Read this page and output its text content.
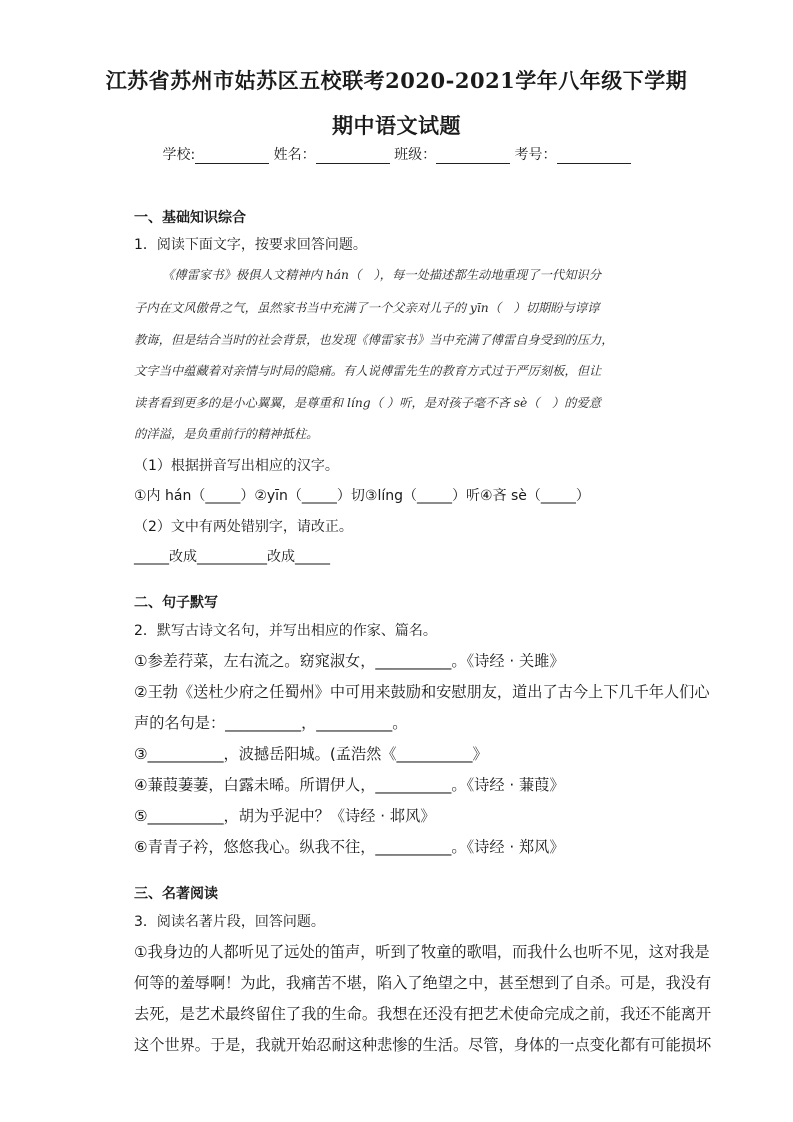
江苏省苏州市姑苏区五校联考2020-2021学年八年级下学期
期中语文试题
学校:	姓名：	班级：	考号：
一、基础知识综合
1．阅读下面文字，按要求回答问题。
《傅雷家书》极俱人文精神内 hán（　），每一处描述都生动地重现了一代知识分
子内在文风傲骨之气，虽然家书当中充满了一个父亲对儿子的 yīn（　）切期盼与谆谆
教诲，但是结合当时的社会背景，也发现《傅雷家书》当中充满了傅雷自身受到的压力，
文字当中蕴藏着对亲情与时局的隐痛。有人说傅雷先生的教育方式过于严厉刻板，但让
读者看到更多的是小心翼翼，是尊重和 líng（ ）听，是对孩子毫不吝 sè（　）的爱意
的洋溢，是负重前行的精神抵柱。
（1）根据拼音写出相应的汉字。
①内 hán（_____）②yīn（_____）切③líng（_____）听④吝 sè（_____）
（2）文中有两处错别字，请改正。
_____改成__________改成_____
二、句子默写
2．默写古诗文名句，并写出相应的作家、篇名。
①参差荇菜，左右流之。窈窕淑女，__________。《诗经 · 关雎》
②王勃《送杜少府之任蜀州》中可用来鼓励和安慰朋友，道出了古今上下几千年人们心
声的名句是：__________，__________。
③__________，波撼岳阳城。(孟浩然《__________》
④蒹葭萋萋，白露未晞。所谓伊人，__________。《诗经 · 蒹葭》
⑤__________，胡为乎泥中？《诗经 · 邶风》
⑥青青子衿，悠悠我心。纵我不往，__________。《诗经 · 郑风》
三、名著阅读
3．阅读名著片段，回答问题。
①我身边的人都听见了远处的笛声，听到了牧童的歌唱，而我什么也听不见，这对我是
何等的羞辱啊！为此，我痛苦不堪，陷入了绝望之中，甚至想到了自杀。可是，我没有
去死，是艺术最终留住了我的生命。我想在还没有把艺术使命完成之前，我还不能离开
这个世界。于是，我就开始忍耐这种悲惨的生活。尽管，身体的一点变化都有可能损坏
